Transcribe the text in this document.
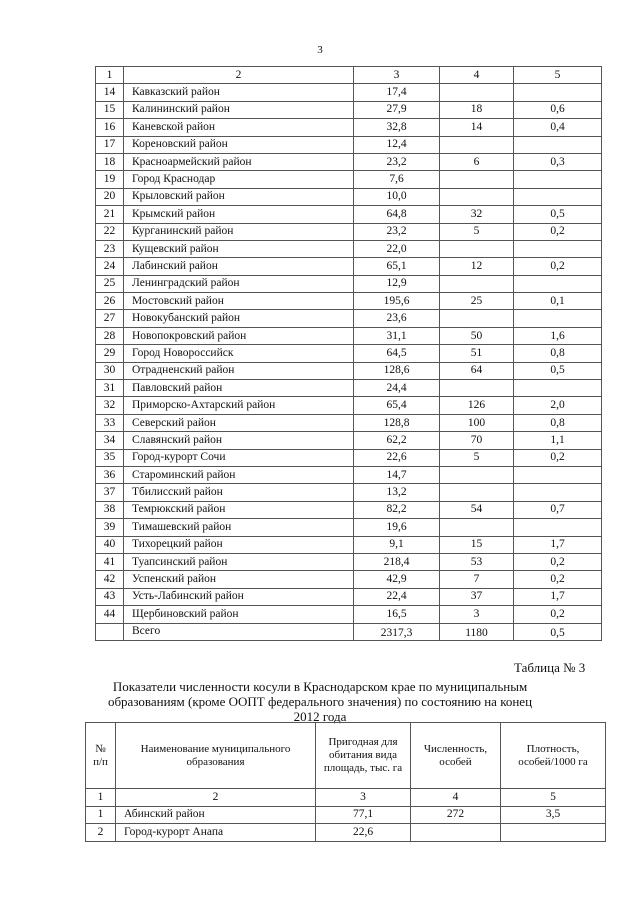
3
1	2	3	4	5
14	Кавказский район	17,4		
15	Калининский район	27,9	18	0,6
16	Каневской район	32,8	14	0,4
17	Кореновский район	12,4		
18	Красноармейский район	23,2	6	0,3
19	Город Краснодар	7,6		
20	Крыловский район	10,0		
21	Крымский район	64,8	32	0,5
22	Курганинский район	23,2	5	0,2
23	Кущевский район	22,0		
24	Лабинский район	65,1	12	0,2
25	Ленинградский район	12,9		
26	Мостовский район	195,6	25	0,1
27	Новокубанский район	23,6		
28	Новопокровский район	31,1	50	1,6
29	Город Новороссийск	64,5	51	0,8
30	Отрадненский район	128,6	64	0,5
31	Павловский район	24,4		
32	Приморско-Ахтарский район	65,4	126	2,0
33	Северский район	128,8	100	0,8
34	Славянский район	62,2	70	1,1
35	Город-курорт Сочи	22,6	5	0,2
36	Староминский район	14,7		
37	Тбилисский район	13,2		
38	Темрюкский район	82,2	54	0,7
39	Тимашевский район	19,6		
40	Тихорецкий район	9,1	15	1,7
41	Туапсинский район	218,4	53	0,2
42	Успенский район	42,9	7	0,2
43	Усть-Лабинский район	22,4	37	1,7
44	Щербиновский район	16,5	3	0,2
	Всего	2317,3	1180	0,5
Таблица № 3
Показатели численности косули в Краснодарском крае по муниципальным образованиям (кроме ООПТ федерального значения) по состоянию на конец 2012 года
№ п/п	Наименование муниципального образования	Пригодная для обитания вида площадь, тыс. га	Численность, особей	Плотность, особей/1000 га
1	2	3	4	5
1	Абинский район	77,1	272	3,5
2	Город-курорт Анапа	22,6		
